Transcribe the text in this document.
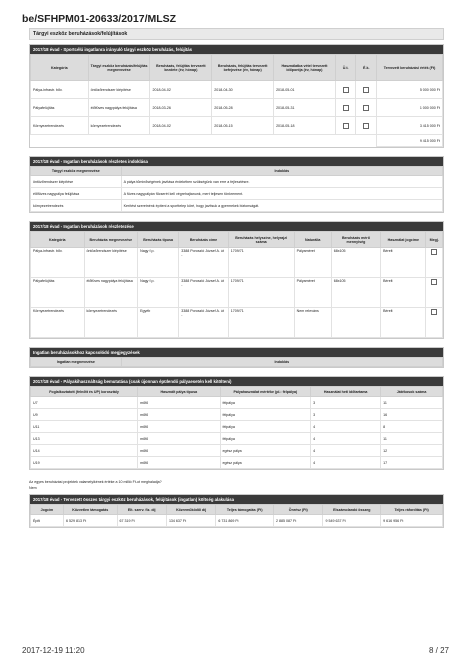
be/SFHPM01-20633/2017/MLSZ
Tárgyi eszköz beruházások/felújítások
2017/18 évad - Sportcélú ingatlanra irányuló tárgyi eszköz beruházás, felújítás
Kategória	Tárgyi eszköz beruházás/felújítás megnevezése	Beruházás, felújítás tervezett kezdete (év, hónap)	Beruházás, felújítás tervezett befejezése (év, hónap)	Használatba vétel tervezett időpontja (év, hónap)	Ü.t.	É.k.	Tervezett beruházási érték (Ft)
Pálya-infrastr. bőv.	öntözőrendszer kiépítése	2018-04-02	2018-04-30	2018-05-01			5 000 000 Ft
Pályafelújítás	élőfüves nagypálya felújítása	2018-03-26	2018-05-28	2018-05-31			1 000 000 Ft
Környezetrendezés	környezetrendezés	2018-04-02	2018-05-15	2018-05-18			3 415 000 Ft
							9 415 000 Ft
2017/18 évad - Ingatlan beruházások részletes indoklása
Tárgyi eszköz megnevezése	Indoklás
öntözőrendszer kiépítése	A pálya tűminőségének javítása érdekében szükségünk van erre a fejlesztésre.
élőfüves nagypálya felújítása	A füves nagypályán fűcserét kell végrehajtanunk, mert teljesen tönkrement.
környezetrendezés	Kerítést szeretnénk építeni a sportteleр köré, hogy javítsuk a gyermekek biztonságát.
2017/18 évad - Ingatlan beruházások részletezése
Kategória	Beruházás megnevezése	Beruházás típusa	Beruházás címe	Beruházás helyszíne, helyrajzi száma	Naturália	Beruházás mérő mennyiség	Használat jogcíme	Megj.
Pálya-infrastr. bőv.	öntözőrendszer kiépítése	Nagy f.p.	3388 Poroszló József A. út -	1709/71	Pályaméret	68x105	Bérelt	
Pályafelújítás	élőfüves nagypálya felújítása	Nagy f.p.	3388 Poroszló József A. út -	1709/71	Pályaméret	68x105	Bérelt	
Környezetrendezés	környezetrendezés	Egyéb	3388 Poroszló József A. út -	1709/71	Nem releváns		Bérelt	
Ingatlan beruházásokhoz kapcsolódó megjegyzések
Ingatlan megnevezése	Indoklás
2017/18 évad - Pályakihasználtság bemutatása (csak újonnan épülendő pályaesetén kell kitölteni)
Foglalkoztatott (felnőtt és UP) korosztály	Használt pálya típusa	Pályahasználat mértéke (pl.: félpálya)	Használat heti időtartama	Játékosok száma
U7	műfű	félpálya	3	11
U9	műfű	félpálya	3	16
U11	műfű	félpálya	4	8
U13	műfű	félpálya	4	11
U14	műfű	egész pálya	4	12
U19	műfű	egész pálya	4	17
Az egyes beruházási projektek valamelyikének értéke a 10 millió Ft-ot meghaladja?
Nem
2017/18 évad - Tervezett összes tárgyi eszköz beruházások, felújítások (ingatlan) költség alakulása
Jogcím	Közvetlen támogatás	Elt. szerv. fiz. díj	Közreműködői díj	Teljes támogatás (Ft)	Önrész (Ft)	Elszámolandó összeg	Teljes ráfordítás (Ft)
Építi	6 529 813 Ft	67 319 Ft	134 637 Ft	6 731 869 Ft	2 885 087 Ft	9 549 637 Ft	9 616 956 Ft
2017-12-19 11:20	8 / 27
